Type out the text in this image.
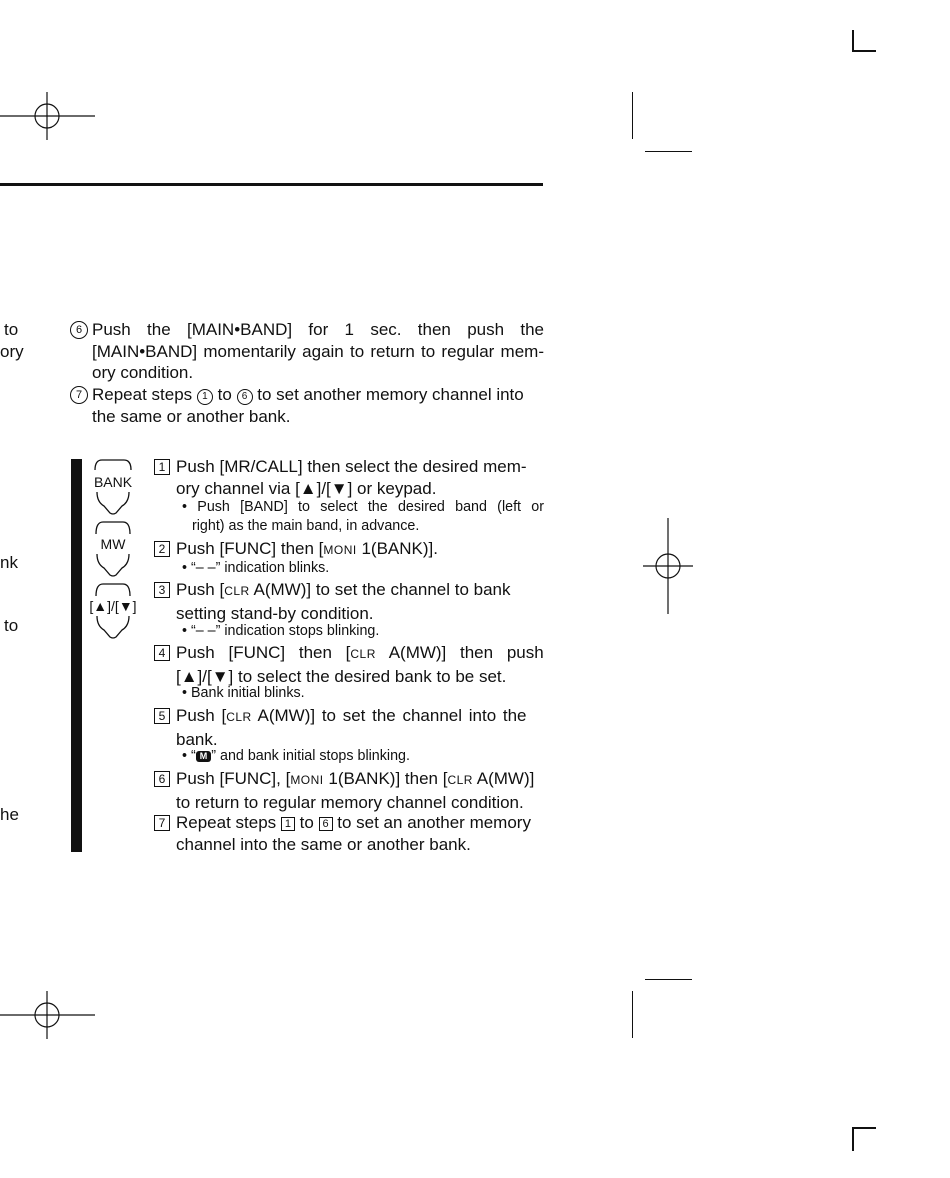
to
ory
nk
to
he
6 Push the [MAIN•BAND] for 1 sec. then push the
[MAIN•BAND] momentarily again to return to regular mem-
ory condition.
7 Repeat steps 1 to 6 to set another memory channel into
the same or another bank.
BANK
MW
[▲]/[▼]
1 Push [MR/CALL] then select the desired mem-
ory channel via [▲]/[▼] or keypad.
• Push [BAND] to select the desired band (left or
right) as the main band, in advance.
2 Push [FUNC] then [MONI 1(BANK)].
• “– –” indication blinks.
3 Push [CLR A(MW)] to set the channel to bank
setting stand-by condition.
• “– –” indication stops blinking.
4 Push [FUNC] then [CLR A(MW)] then push
[▲]/[▼] to select the desired bank to be set.
• Bank initial blinks.
5 Push [CLR A(MW)] to set the channel into the
bank.
• “ M ” and bank initial stops blinking.
6 Push [FUNC], [MONI 1(BANK)] then [CLR A(MW)]
to return to regular memory channel condition.
7 Repeat steps 1 to 6 to set an another memory
channel into the same or another bank.
